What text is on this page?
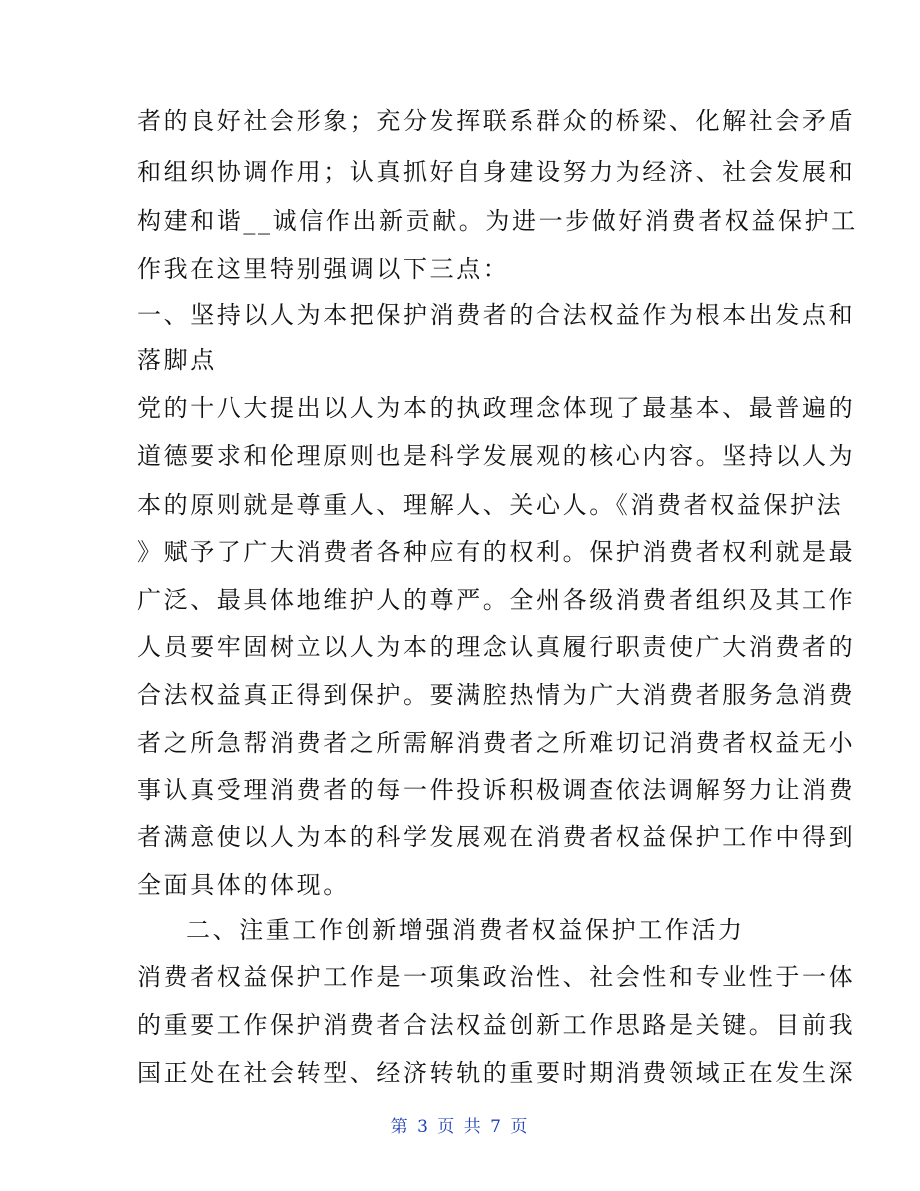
者的良好社会形象；充分发挥联系群众的桥梁、化解社会矛盾
和组织协调作用；认真抓好自身建设努力为经济、社会发展和
构建和谐__诚信作出新贡献。为进一步做好消费者权益保护工
作我在这里特别强调以下三点：
一、坚持以人为本把保护消费者的合法权益作为根本出发点和
落脚点
党的十八大提出以人为本的执政理念体现了最基本、最普遍的
道德要求和伦理原则也是科学发展观的核心内容。坚持以人为
本的原则就是尊重人、理解人、关心人。《消费者权益保护法
》赋予了广大消费者各种应有的权利。保护消费者权利就是最
广泛、最具体地维护人的尊严。全州各级消费者组织及其工作
人员要牢固树立以人为本的理念认真履行职责使广大消费者的
合法权益真正得到保护。要满腔热情为广大消费者服务急消费
者之所急帮消费者之所需解消费者之所难切记消费者权益无小
事认真受理消费者的每一件投诉积极调查依法调解努力让消费
者满意使以人为本的科学发展观在消费者权益保护工作中得到
全面具体的体现。
二、注重工作创新增强消费者权益保护工作活力
消费者权益保护工作是一项集政治性、社会性和专业性于一体
的重要工作保护消费者合法权益创新工作思路是关键。目前我
国正处在社会转型、经济转轨的重要时期消费领域正在发生深
第 3 页 共 7 页
